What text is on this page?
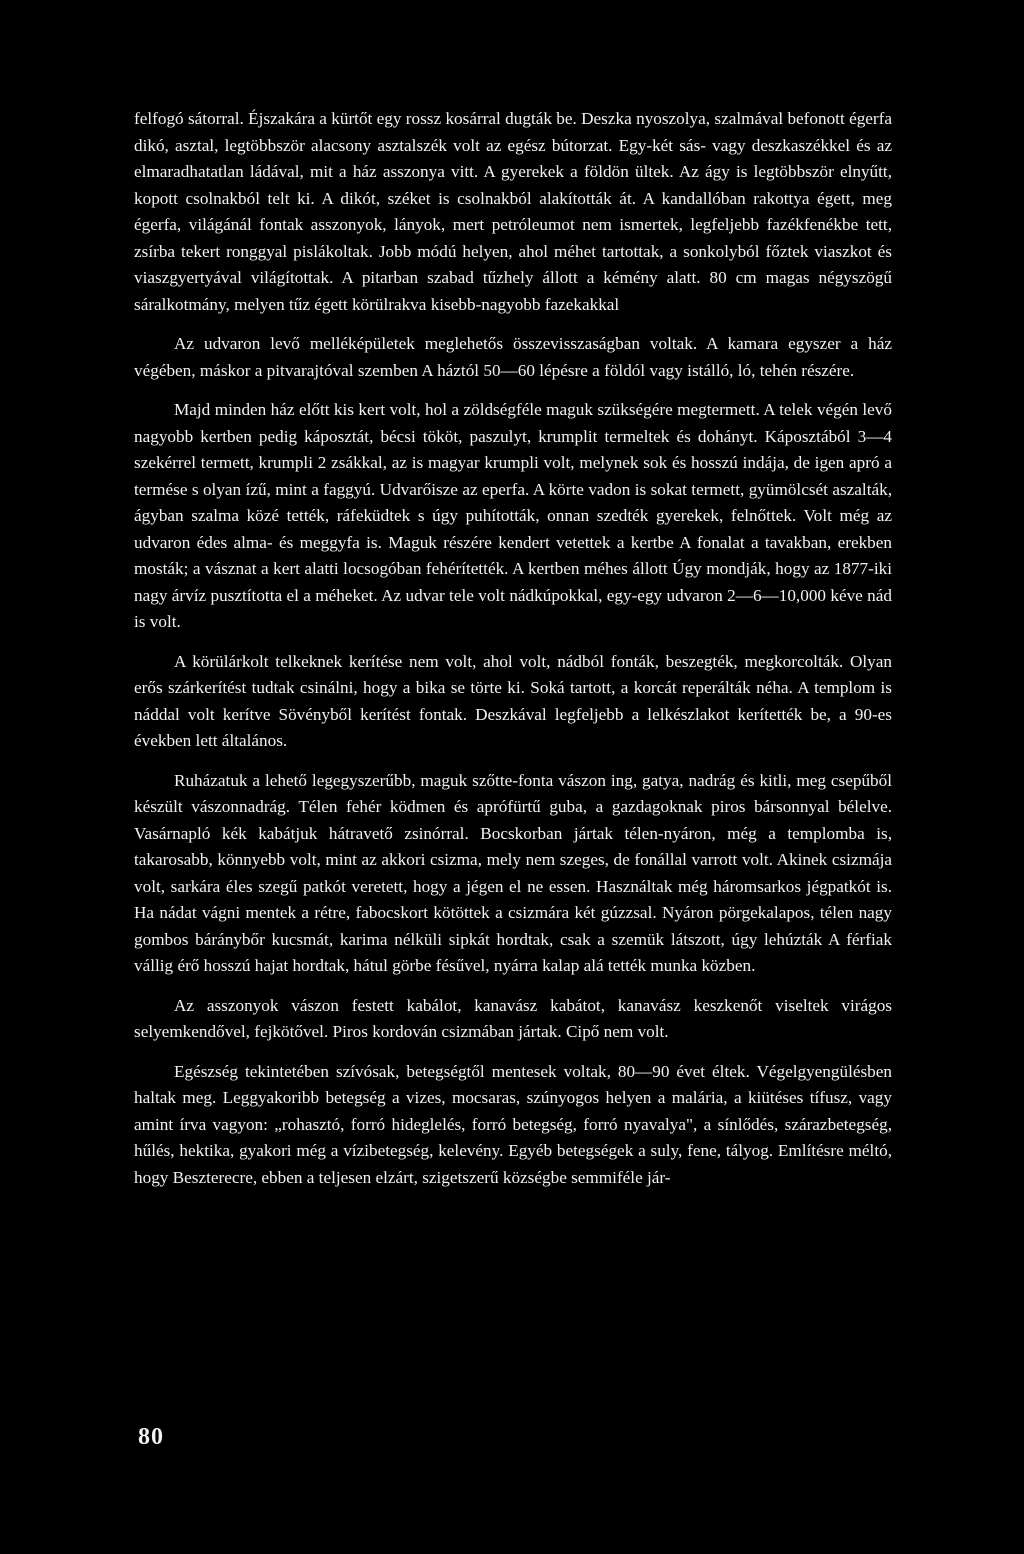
felfogó sátorral. Éjszakára a kürtőt egy rossz kosárral dugták be. Deszka nyoszolya, szalmával befonott égerfa dikó, asztal, legtöbbször alacsony asztalszék volt az egész bútorzat. Egy-két sás- vagy deszkaszékkel és az elmaradhatatlan ládával, mit a ház asszonya vitt. A gyerekek a földön ültek. Az ágy is legtöbbször elnyűtt, kopott csolnakból telt ki. A dikót, széket is csolnakból alakították át. A kandallóban rakottya égett, meg égerfa, világánál fontak asszonyok, lányok, mert petróleumot nem ismertek, legfeljebb fazékfenékbe tett, zsírba tekert ronggyal pislákoltak. Jobb módú helyen, ahol méhet tartottak, a sonkolyból főztek viaszkot és viaszgyertyával világítottak. A pitarban szabad tűzhely állott a kémény alatt. 80 cm magas négyszögű sáralkotmány, melyen tűz égett körülrakva kisebb-nagyobb fazekakkal

Az udvaron levő melléképületek meglehetős összevisszaságban voltak. A kamara egyszer a ház végében, máskor a pitvarajtóval szemben A háztól 50—60 lépésre a földól vagy istálló, ló, tehén részére.

Majd minden ház előtt kis kert volt, hol a zöldségféle maguk szükségére megtermett. A telek végén levő nagyobb kertben pedig káposztát, bécsi tököt, paszulyt, krumplit termeltek és dohányt. Káposztából 3—4 szekérrel termett, krumpli 2 zsákkal, az is magyar krumpli volt, melynek sok és hosszú indája, de igen apró a termése s olyan ízű, mint a faggyú. Udvarőisze az eperfa. A körte vadon is sokat termett, gyümölcsét aszalták, ágyban szalma közé tették, ráfeküdtek s úgy puhították, onnan szedték gyerekek, felnőttek. Volt még az udvaron édes alma- és meggyfa is. Maguk részére kendert vetettek a kertbe A fonalat a tavakban, erekben mosták; a vásznat a kert alatti locsogóban fehérítették. A kertben méhes állott Úgy mondják, hogy az 1877-iki nagy árvíz pusztította el a méheket. Az udvar tele volt nádkúpokkal, egy-egy udvaron 2—6—10,000 kéve nád is volt.

A körülárkolt telkeknek kerítése nem volt, ahol volt, nádból fonták, beszegték, megkorcolták. Olyan erős szárkerítést tudtak csinálni, hogy a bika se törte ki. Soká tartott, a korcát reperálták néha. A templom is náddal volt kerítve Sövényből kerítést fontak. Deszkával legfeljebb a lelkészlakot kerítették be, a 90-es években lett általános.

Ruházatuk a lehető legegyszerűbb, maguk szőtte-fonta vászon ing, gatya, nadrág és kitli, meg csepűből készült vászonnadrág. Télen fehér ködmen és aprófürtű guba, a gazdagoknak piros bársonnyal bélelve. Vasárnapló kék kabátjuk hátravető zsinórral. Bocskorban jártak télen-nyáron, még a templomba is, takarosabb, könnyebb volt, mint az akkori csizma, mely nem szeges, de fonállal varrott volt. Akinek csizmája volt, sarkára éles szegű patkót veretett, hogy a jégen el ne essen. Használtak még háromsarkos jégpatkót is. Ha nádat vágni mentek a rétre, fabocskort kötöttek a csizmára két gúzzsal. Nyáron pörgekalapos, télen nagy gombos báránybőr kucsmát, karima nélküli sipkát hordtak, csak a szemük látszott, úgy lehúzták A férfiak vállig érő hosszú hajat hordtak, hátul görbe fésűvel, nyárra kalap alá tették munka közben.

Az asszonyok vászon festett kabálot, kanavász kabátot, kanavász keszkenőt viseltek virágos selyemkendővel, fejkötővel. Piros kordován csizmában jártak. Cipő nem volt.

Egészség tekintetében szívósak, betegségtől mentesek voltak, 80—90 évet éltek. Végelgyengülésben haltak meg. Leggyakoribb betegség a vizes, mocsaras, szúnyogos helyen a malária, a kiütéses tífusz, vagy amint írva vagyon: „rohasztó, forró hideglelés, forró betegség, forró nyavalya", a sínlődés, szárazbetegség, hűlés, hektika, gyakori még a vízibetegség, kelevény. Egyéb betegségek a suly, fene, tályog. Említésre méltó, hogy Beszterecre, ebben a teljesen elzárt, szigetszerű községbe semmiféle jár-

80
